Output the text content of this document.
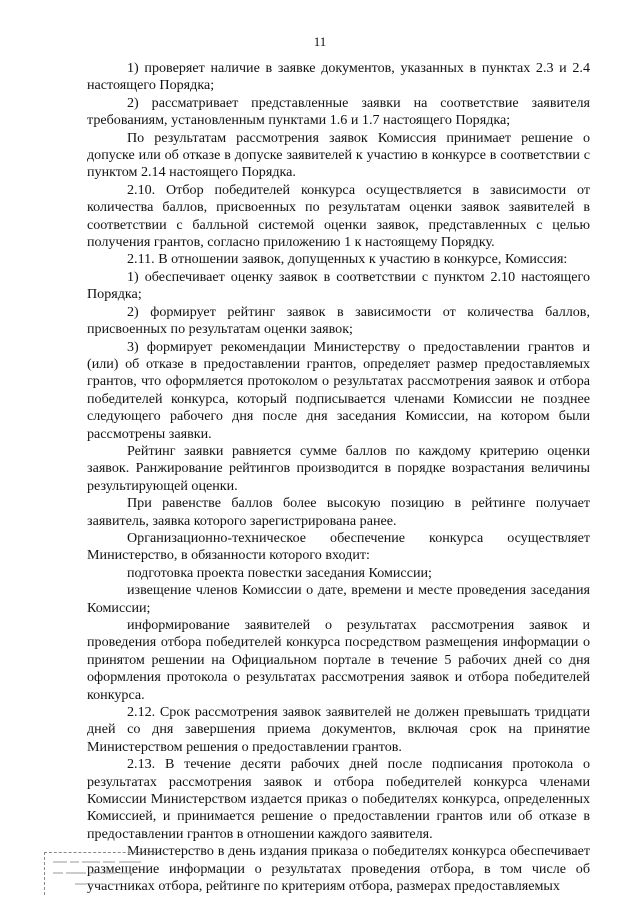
11

1) проверяет наличие в заявке документов, указанных в пунктах 2.3 и 2.4 настоящего Порядка;

2) рассматривает представленные заявки на соответствие заявителя требованиям, установленным пунктами 1.6 и 1.7 настоящего Порядка;

По результатам рассмотрения заявок Комиссия принимает решение о допуске или об отказе в допуске заявителей к участию в конкурсе в соответствии с пунктом 2.14 настоящего Порядка.

2.10. Отбор победителей конкурса осуществляется в зависимости от количества баллов, присвоенных по результатам оценки заявок заявителей в соответствии с балльной системой оценки заявок, представленных с целью получения грантов, согласно приложению 1 к настоящему Порядку.

2.11. В отношении заявок, допущенных к участию в конкурсе, Комиссия:

1) обеспечивает оценку заявок в соответствии с пунктом 2.10 настоящего Порядка;

2) формирует рейтинг заявок в зависимости от количества баллов, присвоенных по результатам оценки заявок;

3) формирует рекомендации Министерству о предоставлении грантов и (или) об отказе в предоставлении грантов, определяет размер предоставляемых грантов, что оформляется протоколом о результатах рассмотрения заявок и отбора победителей конкурса, который подписывается членами Комиссии не позднее следующего рабочего дня после дня заседания Комиссии, на котором были рассмотрены заявки.

Рейтинг заявки равняется сумме баллов по каждому критерию оценки заявок. Ранжирование рейтингов производится в порядке возрастания величины результирующей оценки.

При равенстве баллов более высокую позицию в рейтинге получает заявитель, заявка которого зарегистрирована ранее.

Организационно-техническое обеспечение конкурса осуществляет Министерство, в обязанности которого входит:

подготовка проекта повестки заседания Комиссии;

извещение членов Комиссии о дате, времени и месте проведения заседания Комиссии;

информирование заявителей о результатах рассмотрения заявок и проведения отбора победителей конкурса посредством размещения информации о принятом решении на Официальном портале в течение 5 рабочих дней со дня оформления протокола о результатах рассмотрения заявок и отбора победителей конкурса.

2.12. Срок рассмотрения заявок заявителей не должен превышать тридцати дней со дня завершения приема документов, включая срок на принятие Министерством решения о предоставлении грантов.

2.13. В течение десяти рабочих дней после подписания протокола о результатах рассмотрения заявок и отбора победителей конкурса членами Комиссии Министерством издается приказ о победителях конкурса, определенных Комиссией, и принимается решение о предоставлении грантов или об отказе в предоставлении грантов в отношении каждого заявителя.

Министерство в день издания приказа о победителях конкурса обеспечивает размещение информации о результатах проведения отбора, в том числе об участниках отбора, рейтинге по критериям отбора, размерах предоставляемых
